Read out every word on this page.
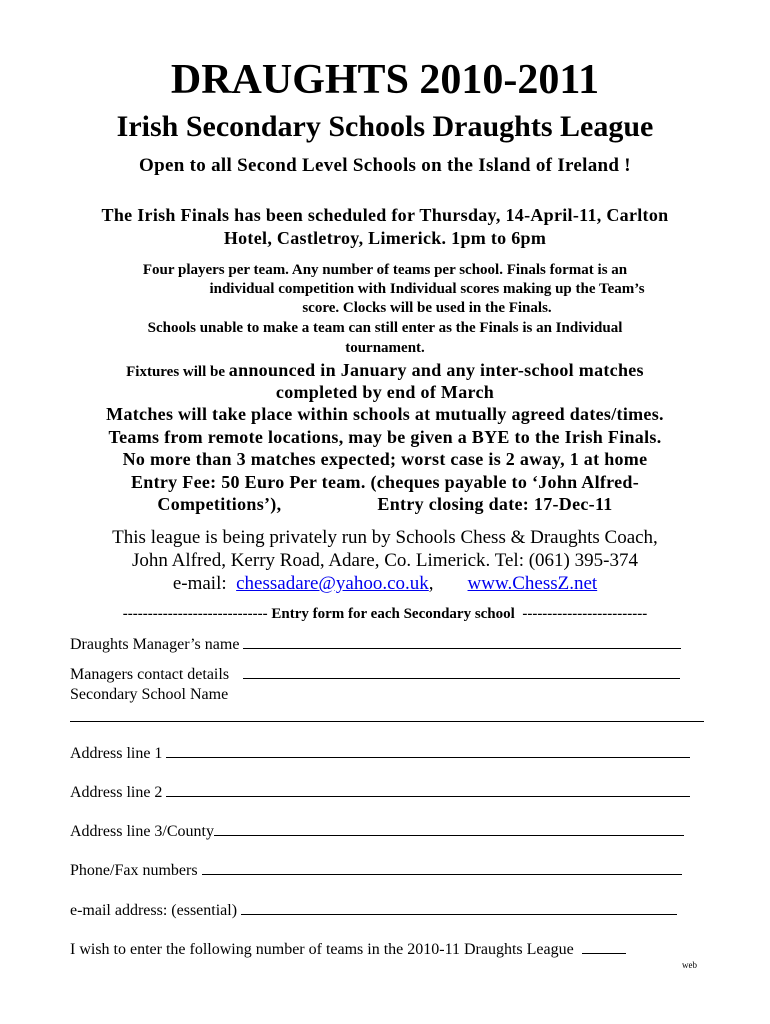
DRAUGHTS 2010-2011
Irish Secondary Schools Draughts League
Open to all Second Level Schools on the Island of Ireland !
The Irish Finals has been scheduled for Thursday, 14-April-11, Carlton
Hotel, Castletroy, Limerick. 1pm to 6pm
Four players per team. Any number of teams per school. Finals format is an
individual competition with Individual scores making up the Team’s
score. Clocks will be used in the Finals.
Schools unable to make a team can still enter as the Finals is an Individual
tournament.
Fixtures will be announced in January and any inter-school matches
completed by end of March
Matches will take place within schools at mutually agreed dates/times.
Teams from remote locations, may be given a BYE to the Irish Finals.
No more than 3 matches expected; worst case is 2 away, 1 at home
Entry Fee: 50 Euro Per team. (cheques payable to ‘John Alfred-
Competitions’),	Entry closing date: 17-Dec-11
This league is being privately run by Schools Chess & Draughts Coach,
John Alfred, Kerry Road, Adare, Co. Limerick. Tel: (061) 395-374
e-mail: chessadare@yahoo.co.uk, www.ChessZ.net
----------------------------- Entry form for each Secondary school -------------------------
Draughts Manager’s name
Managers contact details
Secondary School Name
Address line 1
Address line 2
Address line 3/County
Phone/Fax numbers
e-mail address: (essential)
I wish to enter the following number of teams in the 2010-11 Draughts League
web
